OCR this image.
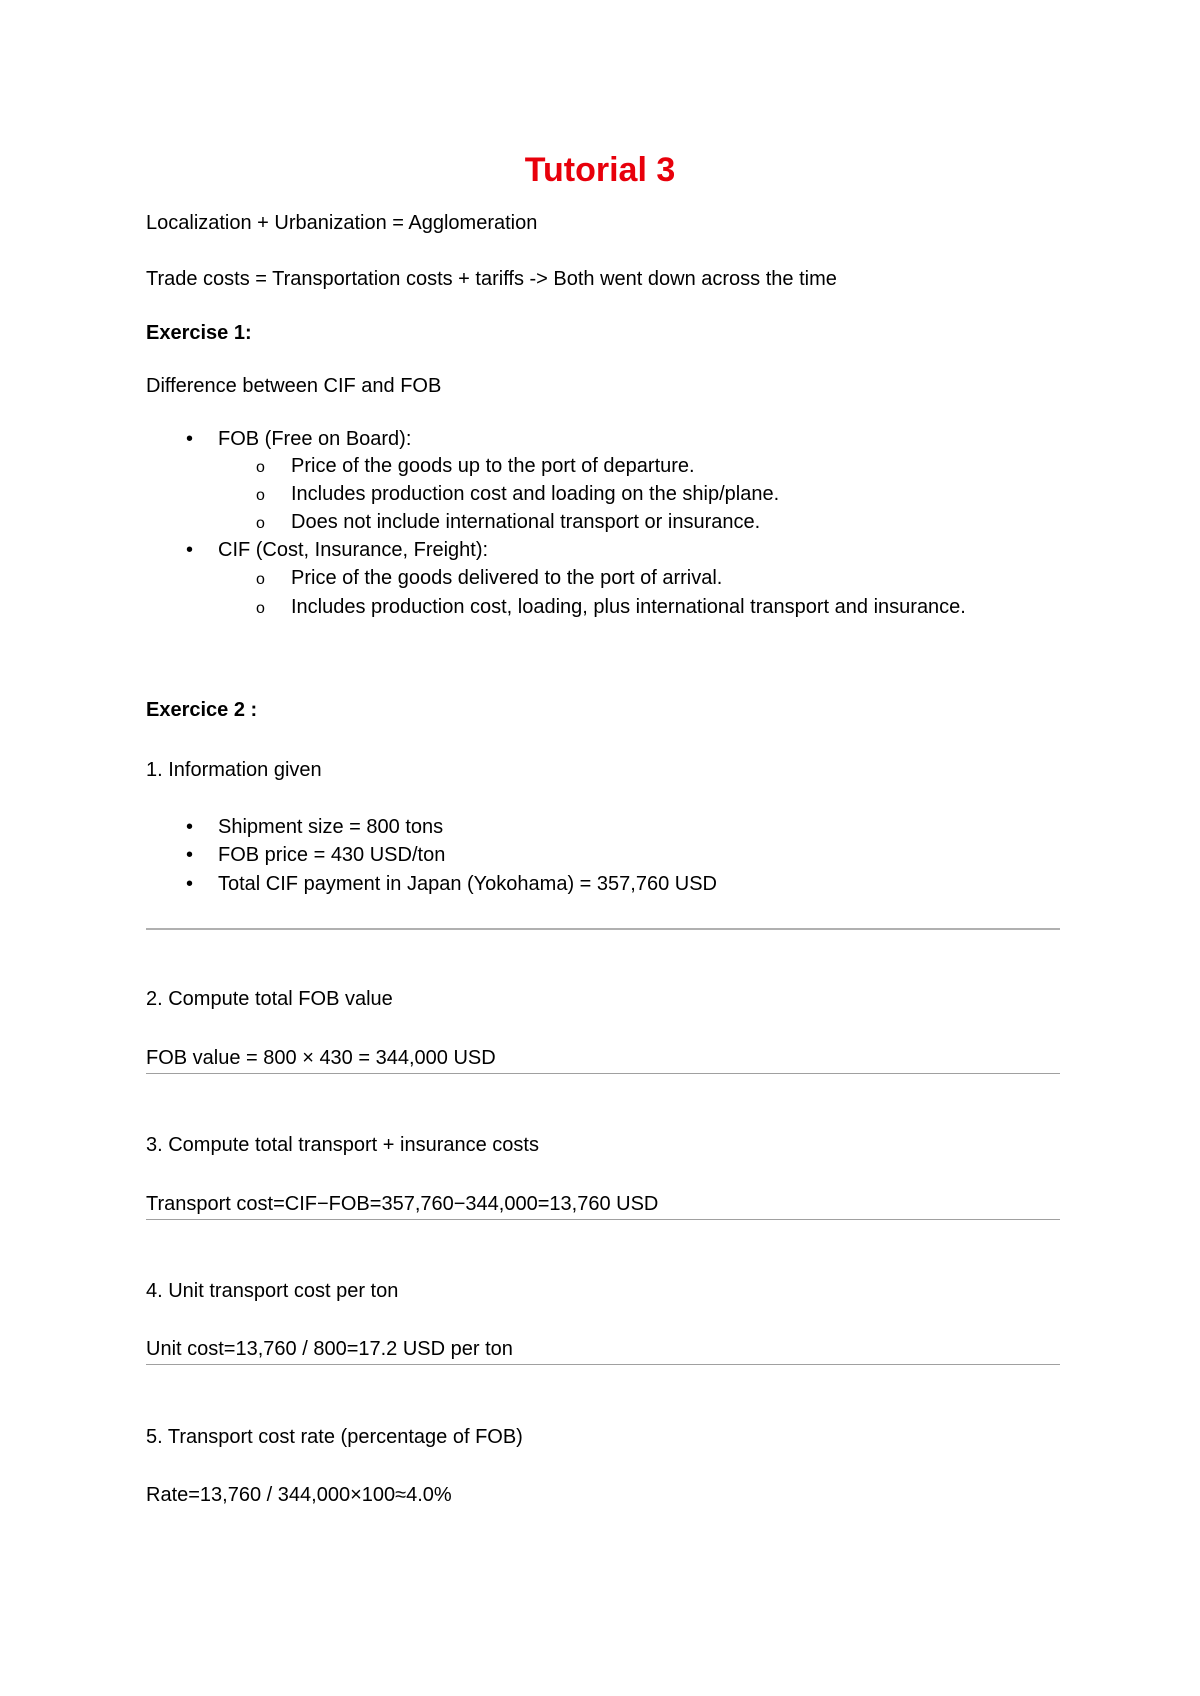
Tutorial 3
Localization + Urbanization = Agglomeration
Trade costs = Transportation costs + tariffs -> Both went down across the time
Exercise 1:
Difference between CIF and FOB
• FOB (Free on Board):
o Price of the goods up to the port of departure.
o Includes production cost and loading on the ship/plane.
o Does not include international transport or insurance.
• CIF (Cost, Insurance, Freight):
o Price of the goods delivered to the port of arrival.
o Includes production cost, loading, plus international transport and insurance.
Exercice 2 :
1. Information given
• Shipment size = 800 tons
• FOB price = 430 USD/ton
• Total CIF payment in Japan (Yokohama) = 357,760 USD
2. Compute total FOB value
FOB value = 800 × 430 = 344,000 USD
3. Compute total transport + insurance costs
Transport cost=CIF−FOB=357,760−344,000=13,760 USD
4. Unit transport cost per ton
Unit cost=13,760 / 800=17.2 USD per ton
5. Transport cost rate (percentage of FOB)
Rate=13,760 / 344,000×100≈4.0%
